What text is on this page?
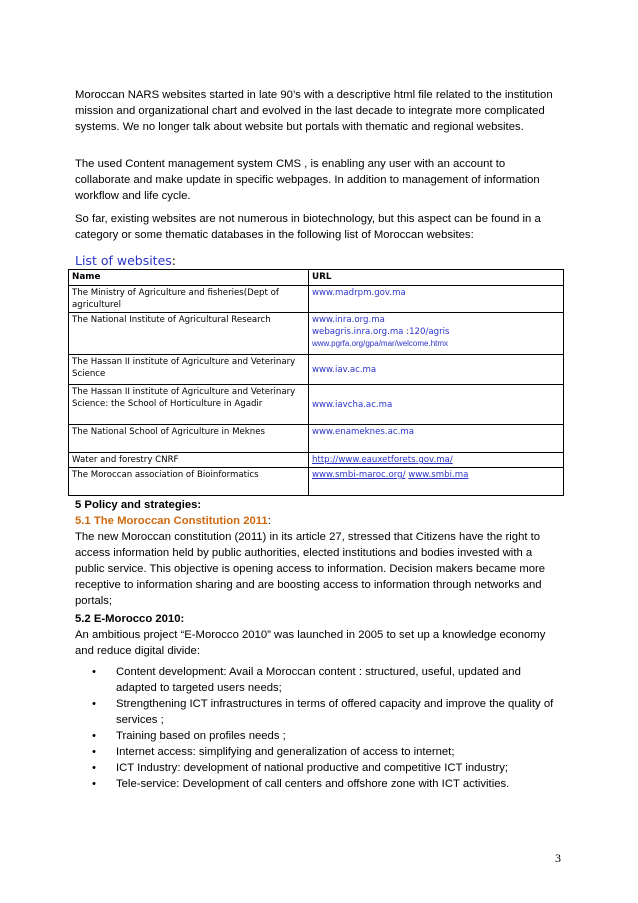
Moroccan NARS websites started in late 90’s with a descriptive html file related to the institution mission and organizational chart and evolved in the last decade to integrate more complicated systems. We no longer talk about website but portals with thematic and regional websites.

The used Content management system CMS , is enabling any user with an account to collaborate and make update in specific webpages. In addition to management of information workflow and life cycle.

So far, existing websites are not numerous in biotechnology, but this aspect can be found in a category or some thematic databases in the following list of Moroccan websites:

List of websites:

Name	URL
The Ministry of Agriculture and fisheries(Dept of agriculturel	www.madrpm.gov.ma
The National Institute of Agricultural Research	www.inra.org.ma
webagris.inra.org.ma :120/agris
www.pgrfa.org/gpa/mar/welcome.htmx

The Hassan II institute of Agriculture and Veterinary Science	www.iav.ac.ma
The Hassan II institute of Agriculture and Veterinary Science: the School of Horticulture in Agadir	www.iavcha.ac.ma
The National School of Agriculture in Meknes	www.enameknes.ac.ma
Water and forestry CNRF	http://www.eauxetforets.gov.ma/
The Moroccan association of Bioinformatics	www.smbi-maroc.org/ www.smbi.ma

5 Policy and strategies:

5.1 The Moroccan Constitution 2011:

The new Moroccan constitution (2011) in its article 27, stressed that Citizens have the right to access information held by public authorities, elected institutions and bodies invested with a public service. This objective is opening access to information. Decision makers became more receptive to information sharing and are boosting access to information through networks and portals;

5.2 E-Morocco 2010:

An ambitious project “E-Morocco 2010” was launched in 2005 to set up a knowledge economy and reduce digital divide:

• Content development: Avail a Moroccan content : structured, useful, updated and adapted to targeted users needs;
• Strengthening ICT infrastructures in terms of offered capacity and improve the quality of services ;
• Training based on profiles needs ;
• Internet access: simplifying and generalization of access to internet;
• ICT Industry: development of national productive and competitive ICT industry;
• Tele-service: Development of call centers and offshore zone with ICT activities.
3
